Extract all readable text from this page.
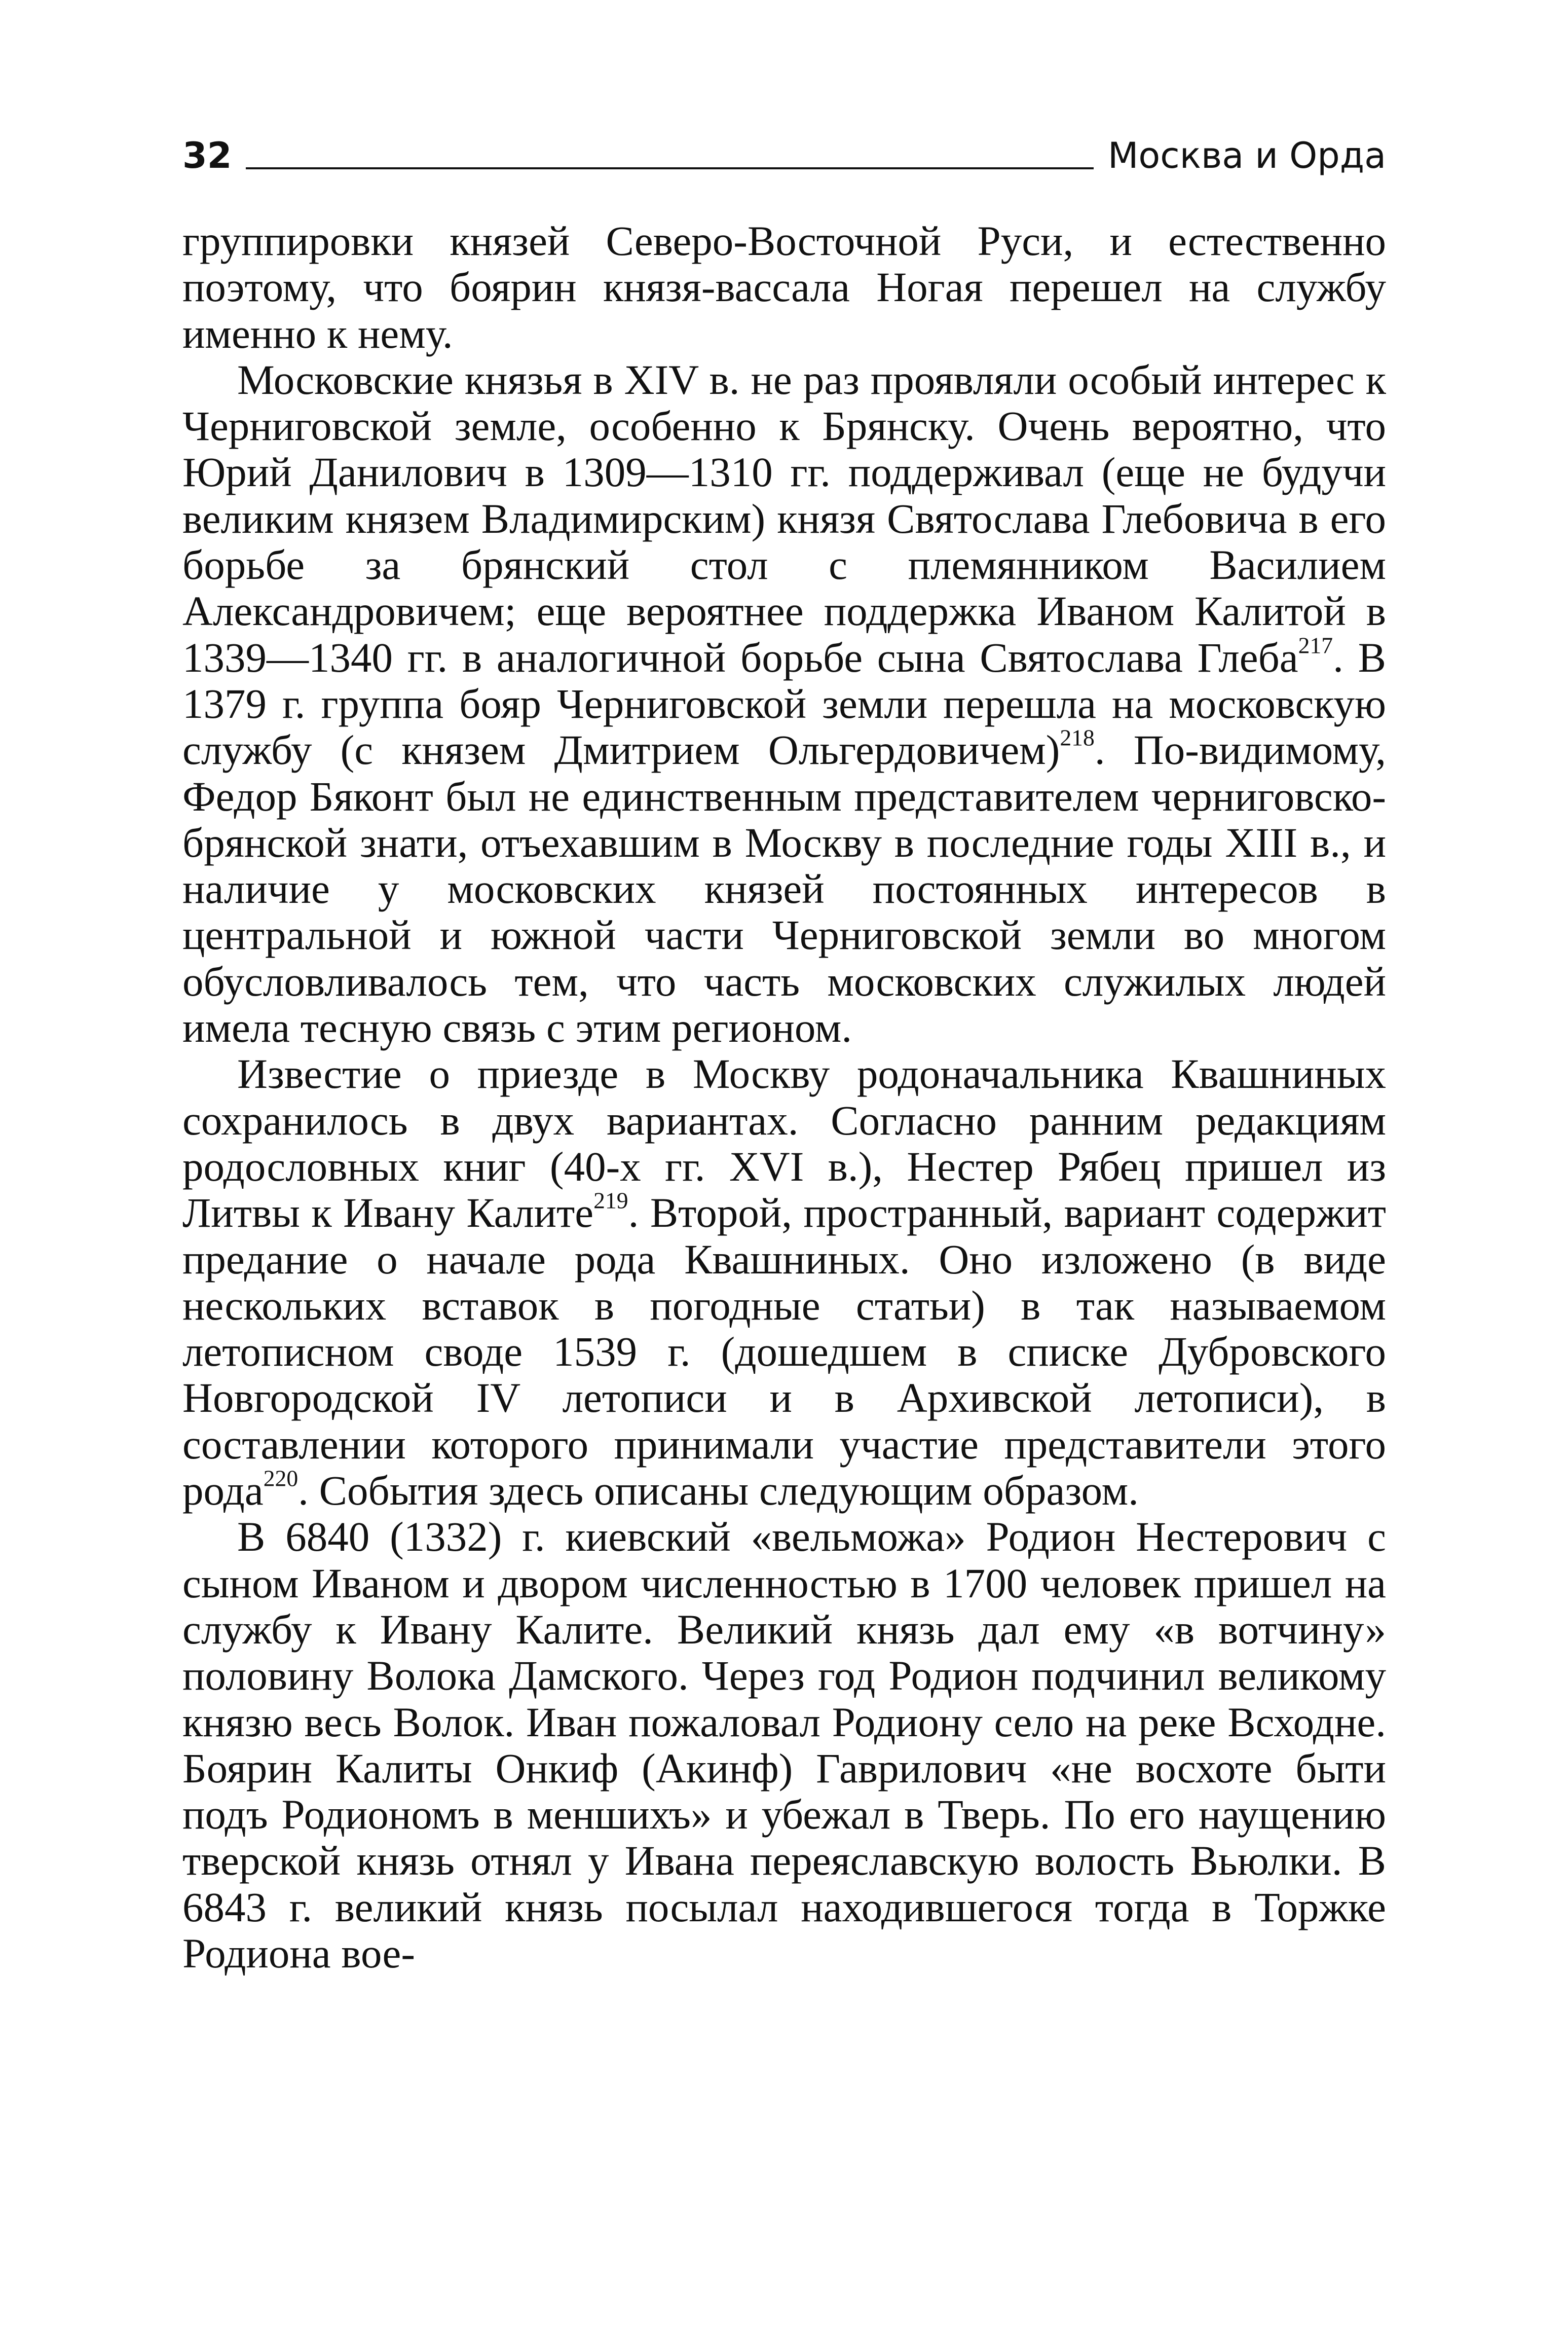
32	Москва и Орда

группировки князей Северо-Восточной Руси, и естественно поэтому, что боярин князя-вассала Ногая перешел на службу именно к нему.

Московские князья в XIV в. не раз проявляли особый интерес к Черниговской земле, особенно к Брянску. Очень вероятно, что Юрий Данилович в 1309—1310 гг. поддерживал (еще не будучи великим князем Владимирским) князя Святослава Глебовича в его борьбе за брянский стол с племянником Василием Александровичем; еще вероятнее поддержка Иваном Калитой в 1339—1340 гг. в аналогичной борьбе сына Святослава Глеба$^{217}$. В 1379 г. группа бояр Черниговской земли перешла на московскую службу (с князем Дмитрием Ольгердовичем)$^{218}$. По-видимому, Федор Бяконт был не единственным представителем черниговско-брянской знати, отъехавшим в Москву в последние годы XIII в., и наличие у московских князей постоянных интересов в центральной и южной части Черниговской земли во многом обусловливалось тем, что часть московских служилых людей имела тесную связь с этим регионом.

Известие о приезде в Москву родоначальника Квашниных сохранилось в двух вариантах. Согласно ранним редакциям родословных книг (40-х гг. XVI в.), Нестер Рябец пришел из Литвы к Ивану Калите$^{219}$. Второй, пространный, вариант содержит предание о начале рода Квашниных. Оно изложено (в виде нескольких вставок в погодные статьи) в так называемом летописном своде 1539 г. (дошедшем в списке Дубровского Новгородской IV летописи и в Архивской летописи), в составлении которого принимали участие представители этого рода$^{220}$. События здесь описаны следующим образом.

В 6840 (1332) г. киевский «вельможа» Родион Нестерович с сыном Иваном и двором численностью в 1700 человек пришел на службу к Ивану Калите. Великий князь дал ему «в вотчину» половину Волока Дамского. Через год Родион подчинил великому князю весь Волок. Иван пожаловал Родиону село на реке Всходне. Боярин Калиты Онкиф (Акинф) Гаврилович «не восхоте быти подъ Родиономъ в меншихъ» и убежал в Тверь. По его наущению тверской князь отнял у Ивана переяславскую волость Вьюлки. В 6843 г. великий князь посылал находившегося тогда в Торжке Родиона вое-
